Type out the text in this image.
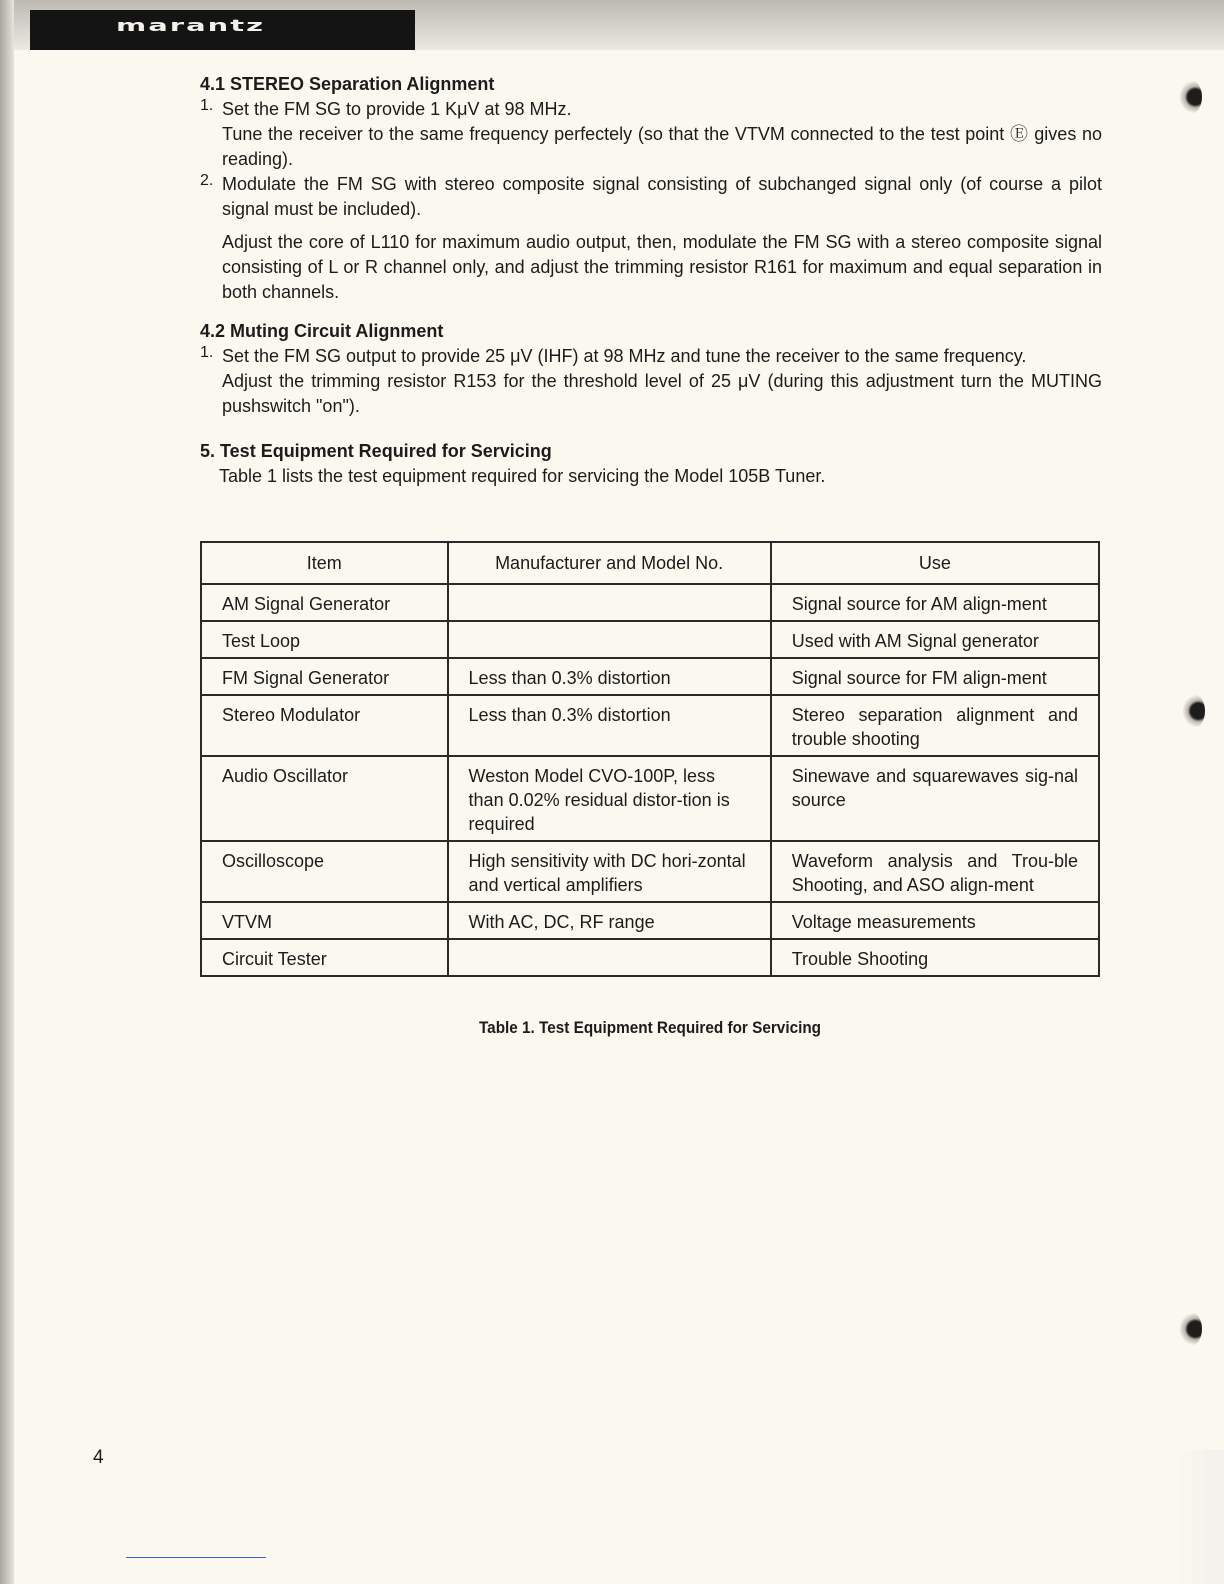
marantz
4.1 STEREO Separation Alignment
1. Set the FM SG to provide 1 KμV at 98 MHz.

Tune the receiver to the same frequency perfectely (so that the VTVM connected to the test point Ⓔ gives no reading).

2. Modulate the FM SG with stereo composite signal consisting of subchanged signal only (of course a pilot signal must be included).

Adjust the core of L110 for maximum audio output, then, modulate the FM SG with a stereo composite signal consisting of L or R channel only, and adjust the trimming resistor R161 for maximum and equal separation in both channels.

4.2 Muting Circuit Alignment
1. Set the FM SG output to provide 25 μV (IHF) at 98 MHz and tune the receiver to the same frequency.

Adjust the trimming resistor R153 for the threshold level of 25 μV (during this adjustment turn the MUTING pushswitch "on").

5. Test Equipment Required for Servicing

Table 1 lists the test equipment required for servicing the Model 105B Tuner.

Item	Manufacturer and Model No.	Use
AM Signal Generator		Signal source for AM align-ment
Test Loop		Used with AM Signal generator
FM Signal Generator	Less than 0.3% distortion	Signal source for FM align-ment
Stereo Modulator	Less than 0.3% distortion	Stereo separation alignment and trouble shooting
Audio Oscillator	Weston Model CVO-100P, less than 0.02% residual distor-tion is required	Sinewave and squarewaves sig-nal source
Oscilloscope	High sensitivity with DC hori-zontal and vertical amplifiers	Waveform analysis and Trou-ble Shooting, and ASO align-ment
VTVM	With AC, DC, RF range	Voltage measurements
Circuit Tester		Trouble Shooting
Table 1. Test Equipment Required for Servicing
4
